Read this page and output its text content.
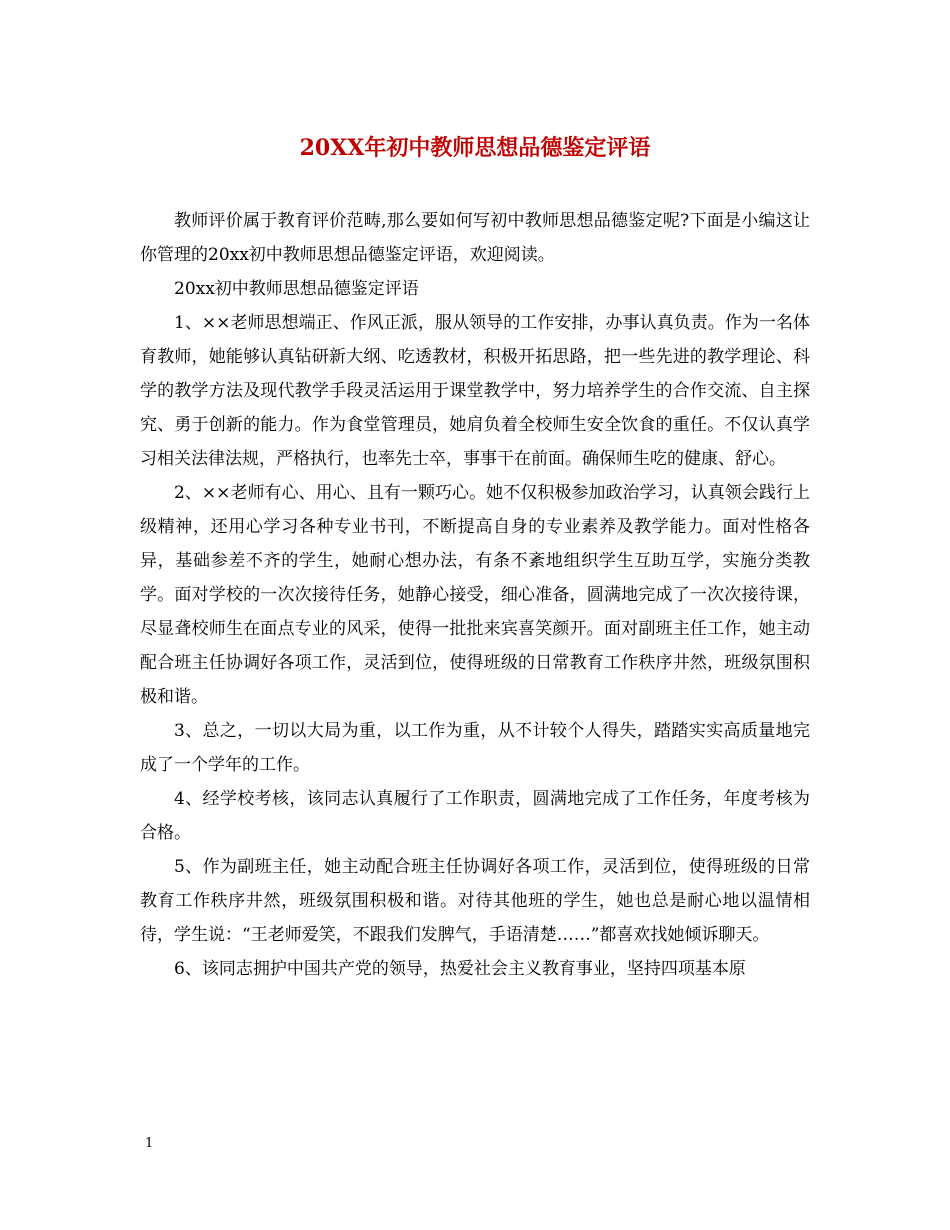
20XX年初中教师思想品德鉴定评语

教师评价属于教育评价范畴,那么要如何写初中教师思想品德鉴定呢?下面是小编这让你管理的20xx初中教师思想品德鉴定评语，欢迎阅读。

20xx初中教师思想品德鉴定评语

1、××老师思想端正、作风正派，服从领导的工作安排，办事认真负责。作为一名体育教师，她能够认真钻研新大纲、吃透教材，积极开拓思路，把一些先进的教学理论、科学的教学方法及现代教学手段灵活运用于课堂教学中，努力培养学生的合作交流、自主探究、勇于创新的能力。作为食堂管理员，她肩负着全校师生安全饮食的重任。不仅认真学习相关法律法规，严格执行，也率先士卒，事事干在前面。确保师生吃的健康、舒心。

2、××老师有心、用心、且有一颗巧心。她不仅积极参加政治学习，认真领会践行上级精神，还用心学习各种专业书刊，不断提高自身的专业素养及教学能力。面对性格各异，基础参差不齐的学生，她耐心想办法，有条不紊地组织学生互助互学，实施分类教学。面对学校的一次次接待任务，她静心接受，细心准备，圆满地完成了一次次接待课，尽显聋校师生在面点专业的风采，使得一批批来宾喜笑颜开。面对副班主任工作，她主动配合班主任协调好各项工作，灵活到位，使得班级的日常教育工作秩序井然，班级氛围积极和谐。

3、总之，一切以大局为重，以工作为重，从不计较个人得失，踏踏实实高质量地完成了一个学年的工作。

4、经学校考核，该同志认真履行了工作职责，圆满地完成了工作任务，年度考核为合格。

5、作为副班主任，她主动配合班主任协调好各项工作，灵活到位，使得班级的日常教育工作秩序井然，班级氛围积极和谐。对待其他班的学生，她也总是耐心地以温情相待，学生说：“王老师爱笑，不跟我们发脾气，手语清楚……”都喜欢找她倾诉聊天。

6、该同志拥护中国共产党的领导，热爱社会主义教育事业，坚持四项基本原

1
